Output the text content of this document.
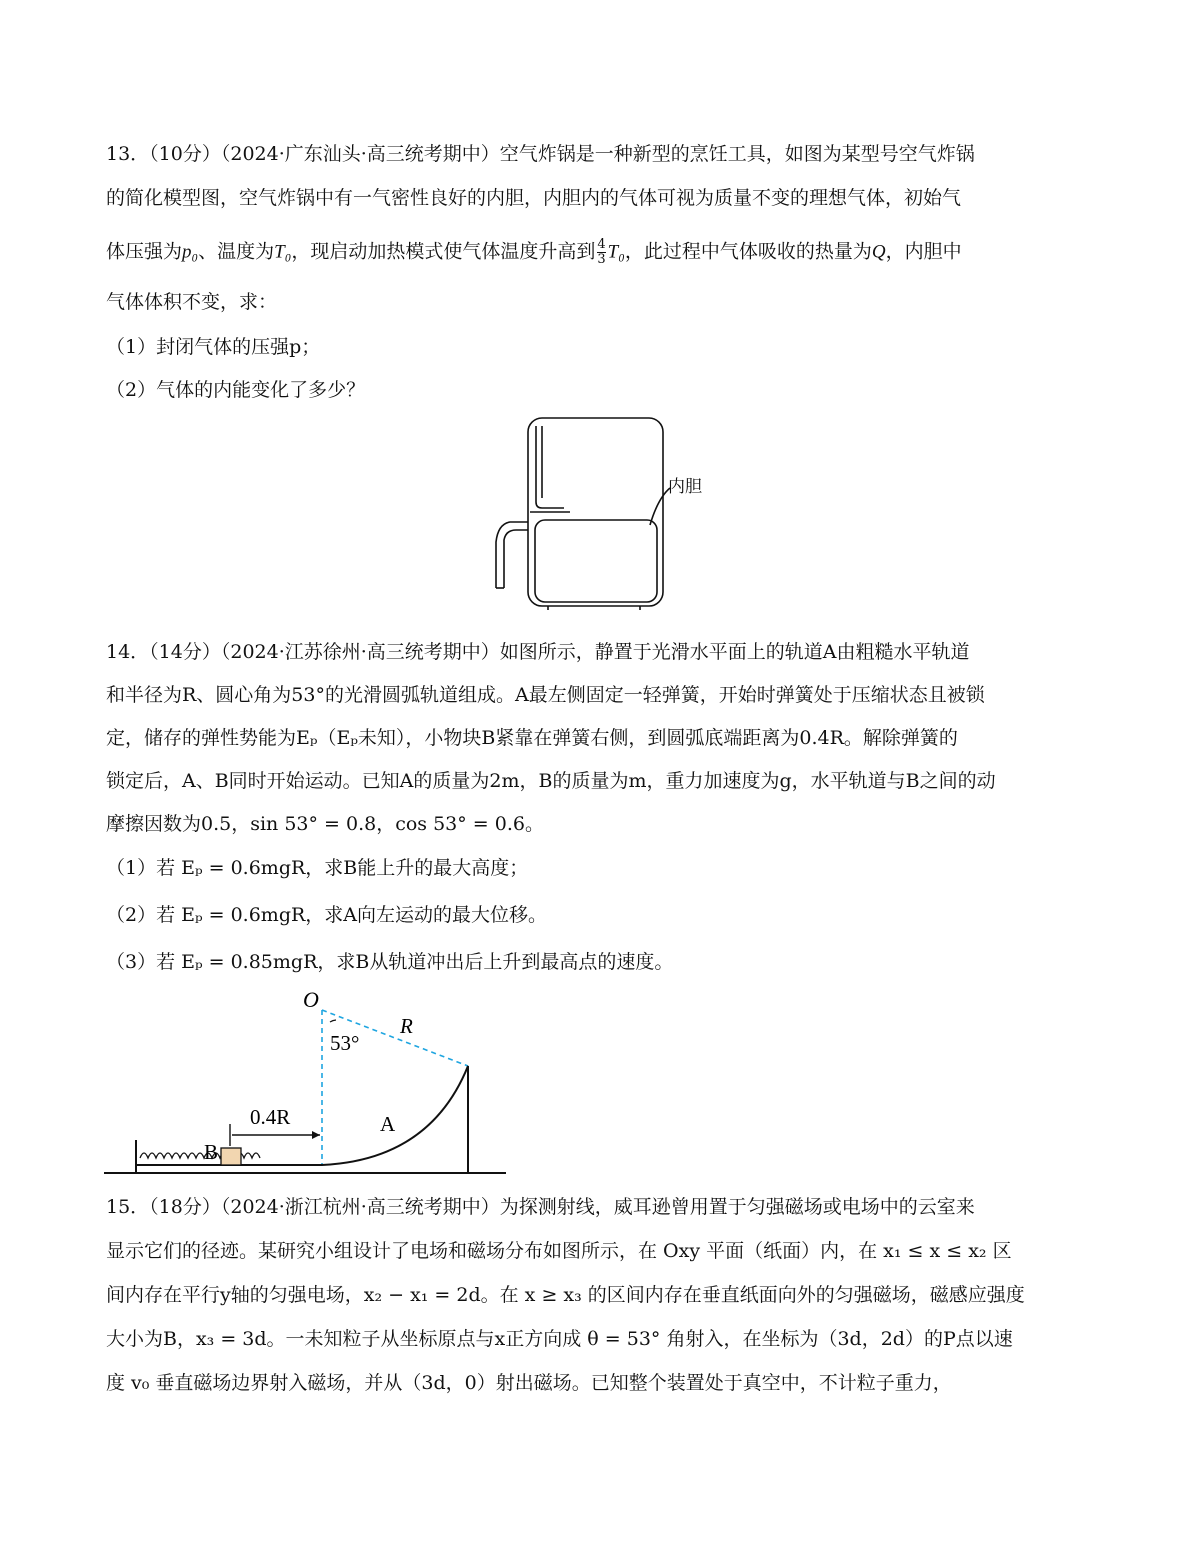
13．（10分）（2024·广东汕头·高三统考期中）空气炸锅是一种新型的烹饪工具，如图为某型号空气炸锅
的简化模型图，空气炸锅中有一气密性良好的内胆，内胆内的气体可视为质量不变的理想气体，初始气
体压强为p₀、温度为T₀，现启动加热模式使气体温度升高到 $\frac{4}{3} T_0$，此过程中气体吸收的热量为Q，内胆中
气体体积不变，求：
（1）封闭气体的压强p；
（2）气体的内能变化了多少？
内胆
14．（14分）（2024·江苏徐州·高三统考期中）如图所示，静置于光滑水平面上的轨道A由粗糙水平轨道
和半径为R、圆心角为53°的光滑圆弧轨道组成。A最左侧固定一轻弹簧，开始时弹簧处于压缩状态且被锁
定，储存的弹性势能为Eₚ（Eₚ未知），小物块B紧靠在弹簧右侧，到圆弧底端距离为0.4R。解除弹簧的
锁定后，A、B同时开始运动。已知A的质量为2m，B的质量为m，重力加速度为g，水平轨道与B之间的动
摩擦因数为0.5，sin 53° = 0.8，cos 53° = 0.6。
（1）若 Eₚ = 0.6mgR，求B能上升的最大高度；
（2）若 Eₚ = 0.6mgR，求A向左运动的最大位移。
（3）若 Eₚ = 0.85mgR，求B从轨道冲出后上升到最高点的速度。
O
R
53°
0.4R	A
B
15．（18分）（2024·浙江杭州·高三统考期中）为探测射线，威耳逊曾用置于匀强磁场或电场中的云室来
显示它们的径迹。某研究小组设计了电场和磁场分布如图所示，在 Oxy 平面（纸面）内，在 x₁ ≤ x ≤ x₂ 区
间内存在平行y轴的匀强电场，x₂ − x₁ = 2d。在 x ≥ x₃ 的区间内存在垂直纸面向外的匀强磁场，磁感应强度
大小为B，x₃ = 3d。一未知粒子从坐标原点与x正方向成 θ = 53° 角射入，在坐标为（3d，2d）的P点以速
度 v₀ 垂直磁场边界射入磁场，并从（3d，0）射出磁场。已知整个装置处于真空中，不计粒子重力，
